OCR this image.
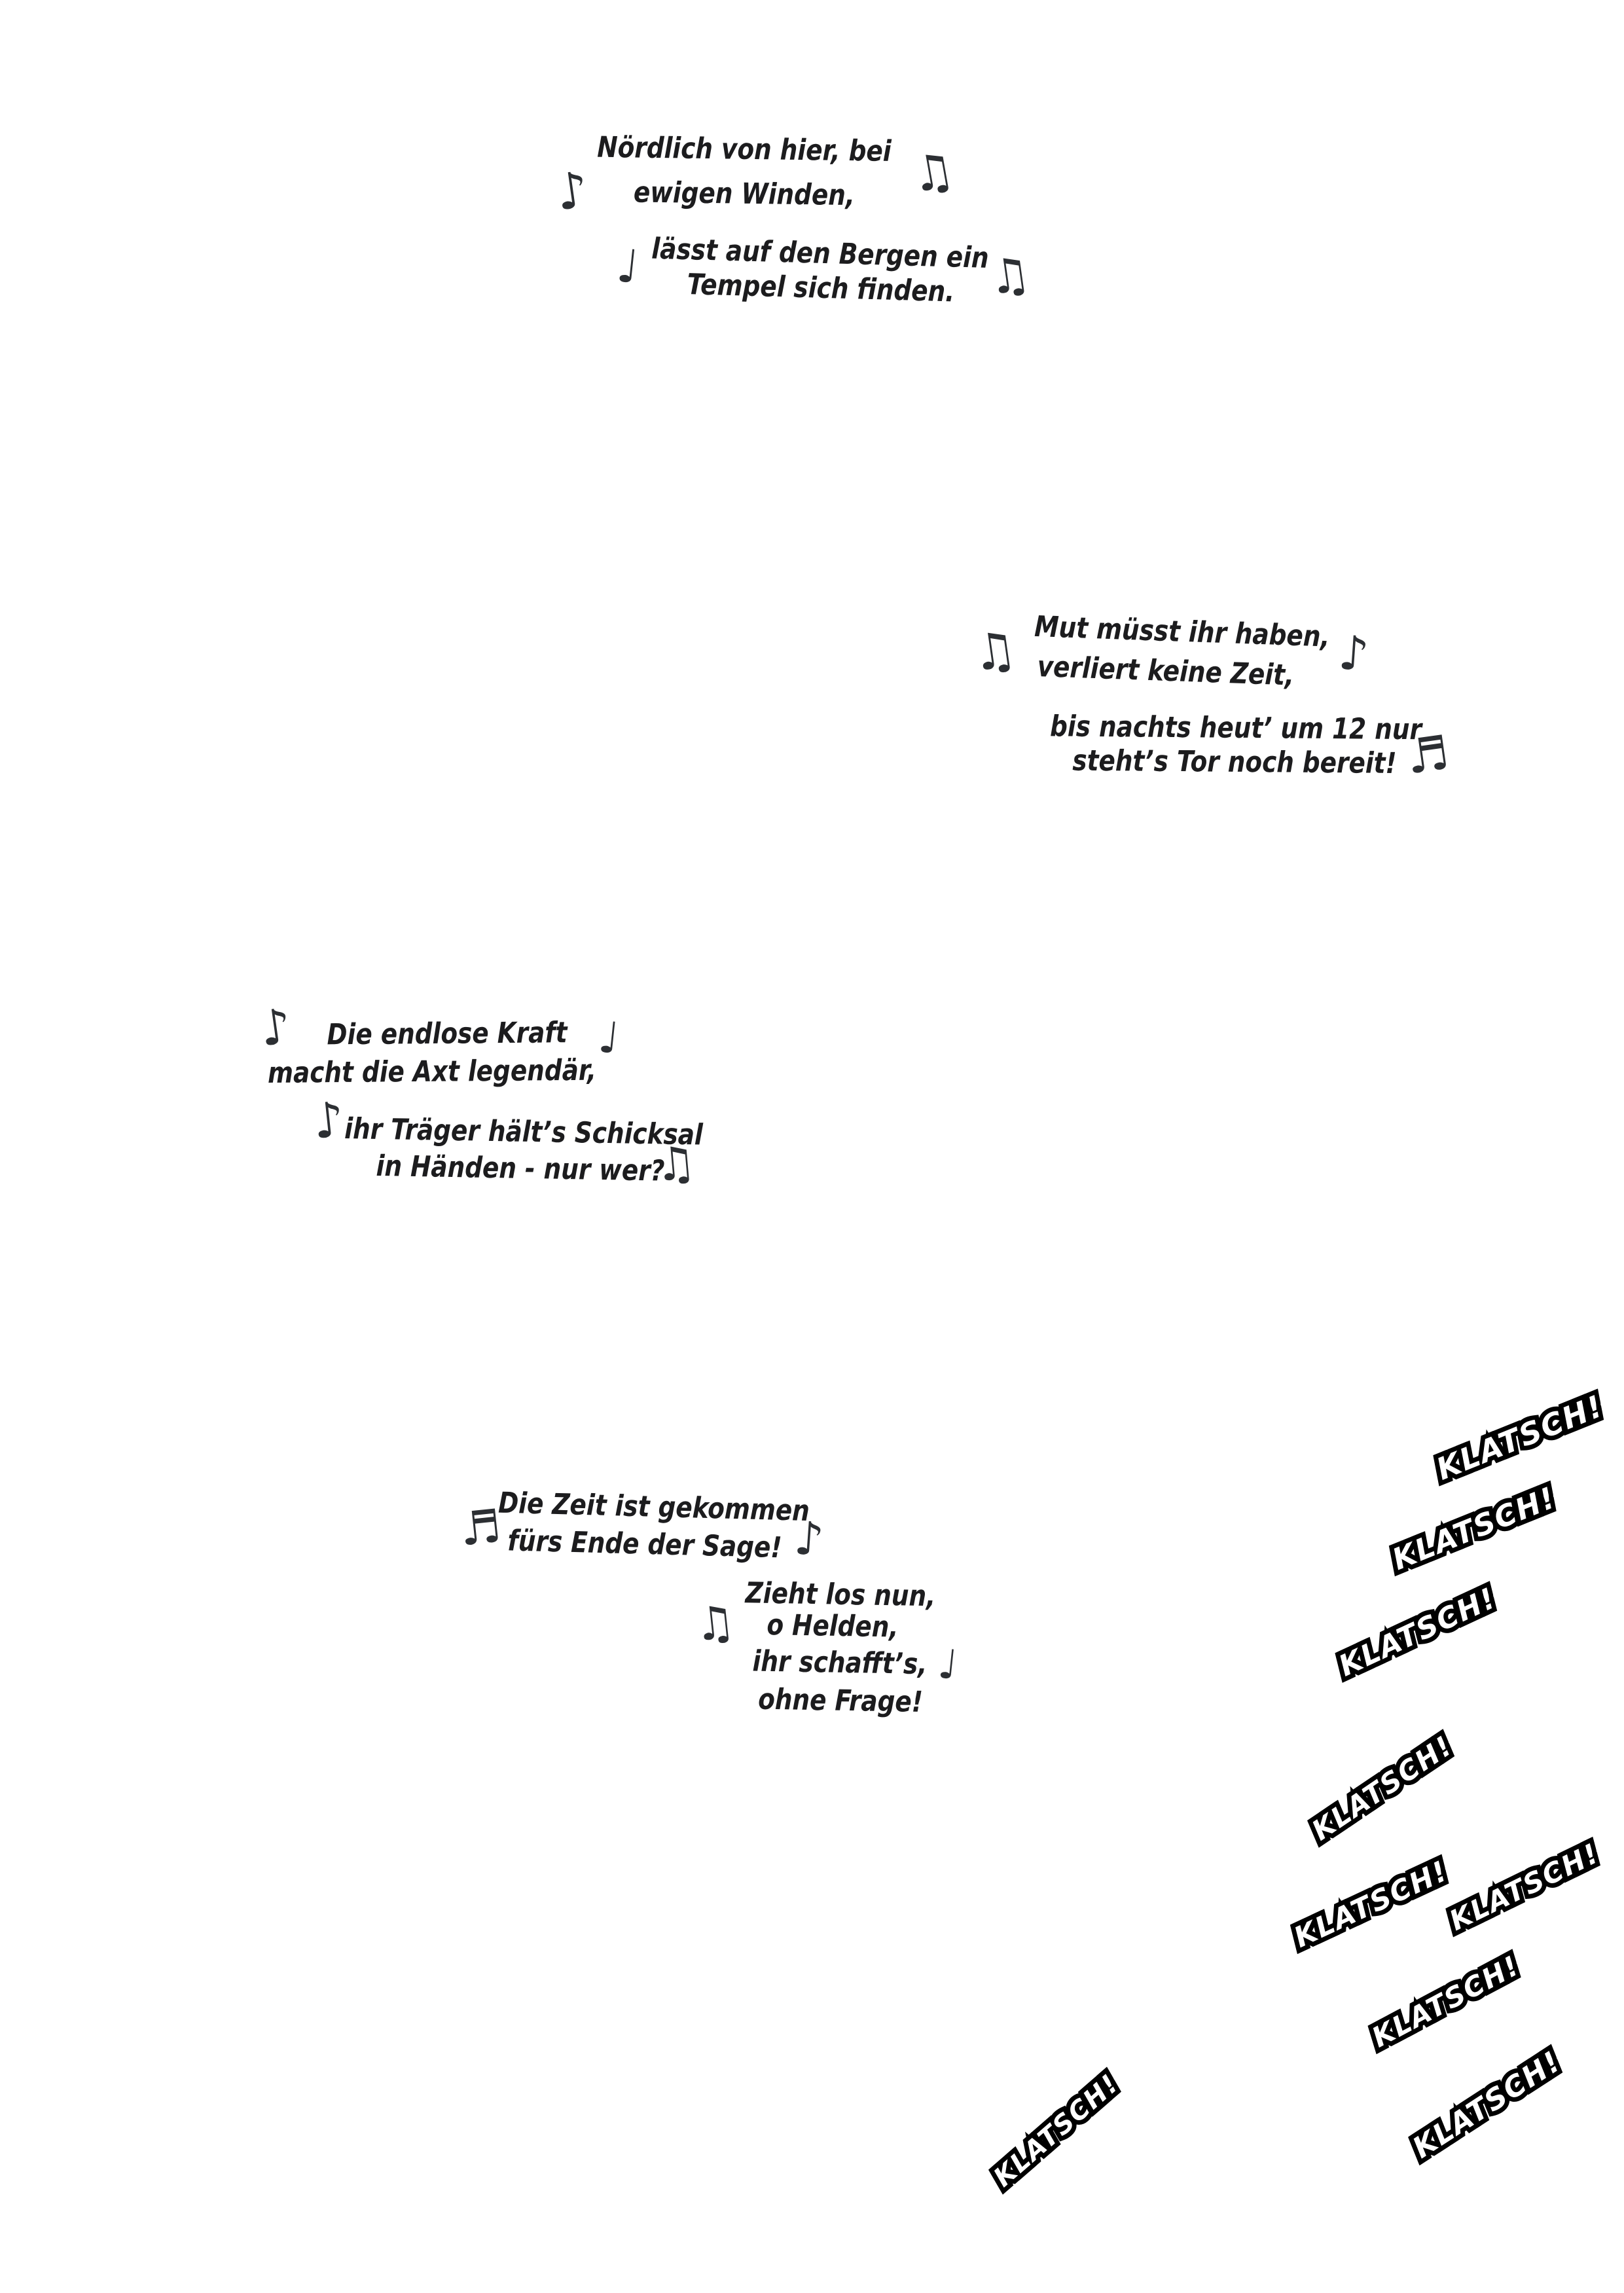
♪
Nördlich von hier, bei ♫
ewigen Winden,
♩ lässt auf den Bergen ein
Tempel sich finden. ♫
♫ Mut müsst ihr haben, ♪
verliert keine Zeit,
bis nachts heut’ um 12 nur
steht’s Tor noch bereit! ♬
♪ Die endlose Kraft ♩
macht die Axt legendär,
♪
ihr Träger hält’s Schicksal
in Händen - nur wer?
♫
♬
Die Zeit ist gekommen
fürs Ende der Sage! ♪
Zieht los nun,
♫ o Helden,
ihr schafft’s, ♩
ohne Frage!
KLATSCH! KLATSCH!
KLATSCH! KLATSCH!
KLATSCH! KLATSCH!
KLATSCH! KLATSCH!
KLATSCH! KLATSCH!
KLATSCH! KLATSCH!
KLATSCH! KLATSCH!
KLATSCH! KLATSCH!
KLATSCH! KLATSCH!
